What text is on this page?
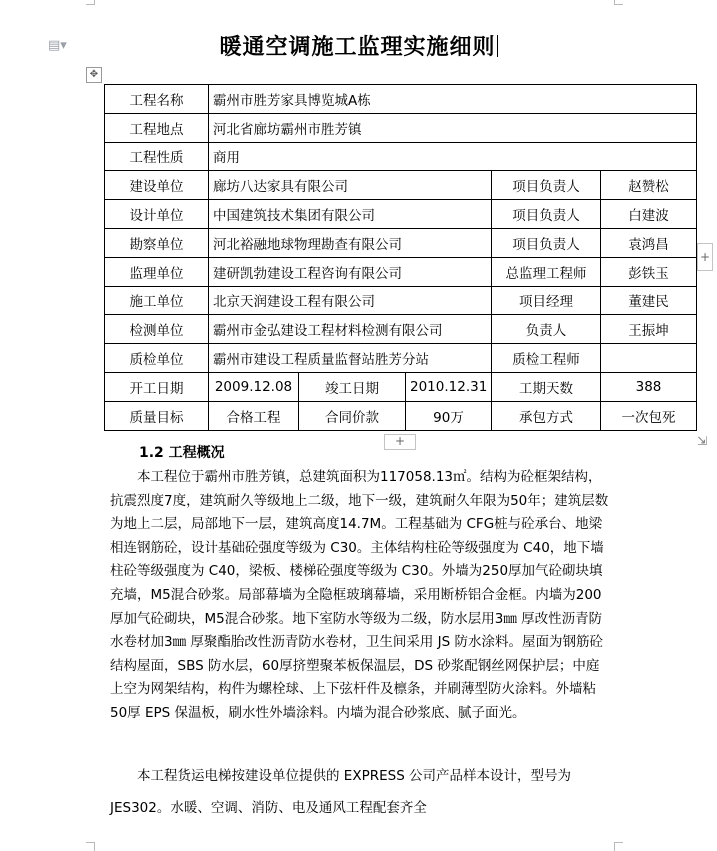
▤▾	暖通空调施工监理实施细则
✥
工程名称	霸州市胜芳家具博览城A栋				
工程地点	河北省廊坊霸州市胜芳镇				
工程性质	商用				
建设单位	廊坊八达家具有限公司			项目负责人	赵赞松
设计单位	中国建筑技术集团有限公司			项目负责人	白建波
勘察单位	河北裕融地球物理勘查有限公司			项目负责人	袁鸿昌
监理单位	建研凯勃建设工程咨询有限公司			总监理工程师	彭铁玉
施工单位	北京天润建设工程有限公司			项目经理	董建民
检测单位	霸州市金弘建设工程材料检测有限公司			负责人	王振坤
质检单位	霸州市建设工程质量监督站胜芳分站			质检工程师	
开工日期	2009.12.08	竣工日期	2010.12.31	工期天数	388
质量目标	合格工程	合同价款	90万	承包方式	一次包死
+
+	⇲
1.2 工程概况
本工程位于霸州市胜芳镇，总建筑面积为117058.13㎡。结构为砼框架结构，抗震烈度7度，建筑耐久等级地上二级，地下一级，建筑耐久年限为50年；建筑层数为地上二层，局部地下一层，建筑高度14.7M。工程基础为 CFG桩与砼承台、地梁相连钢筋砼，设计基础砼强度等级为 C30。主体结构柱砼等级强度为 C40，地下墙柱砼等级强度为 C40，梁板、楼梯砼强度等级为 C30。外墙为250厚加气砼砌块填充墙，M5混合砂浆。局部幕墙为全隐框玻璃幕墙，采用断桥铝合金框。内墙为200厚加气砼砌块，M5混合砂浆。地下室防水等级为二级，防水层用3㎜ 厚改性沥青防水卷材加3㎜ 厚聚酯胎改性沥青防水卷材，卫生间采用 JS 防水涂料。屋面为钢筋砼结构屋面，SBS 防水层，60厚挤塑聚苯板保温层，DS 砂浆配钢丝网保护层；中庭上空为网架结构，构件为螺栓球、上下弦杆件及檩条，并刷薄型防火涂料。外墙粘50厚 EPS 保温板，刷水性外墙涂料。内墙为混合砂浆底、腻子面光。
本工程货运电梯按建设单位提供的 EXPRESS 公司产品样本设计，型号为 JES302。水暖、空调、消防、电及通风工程配套齐全
